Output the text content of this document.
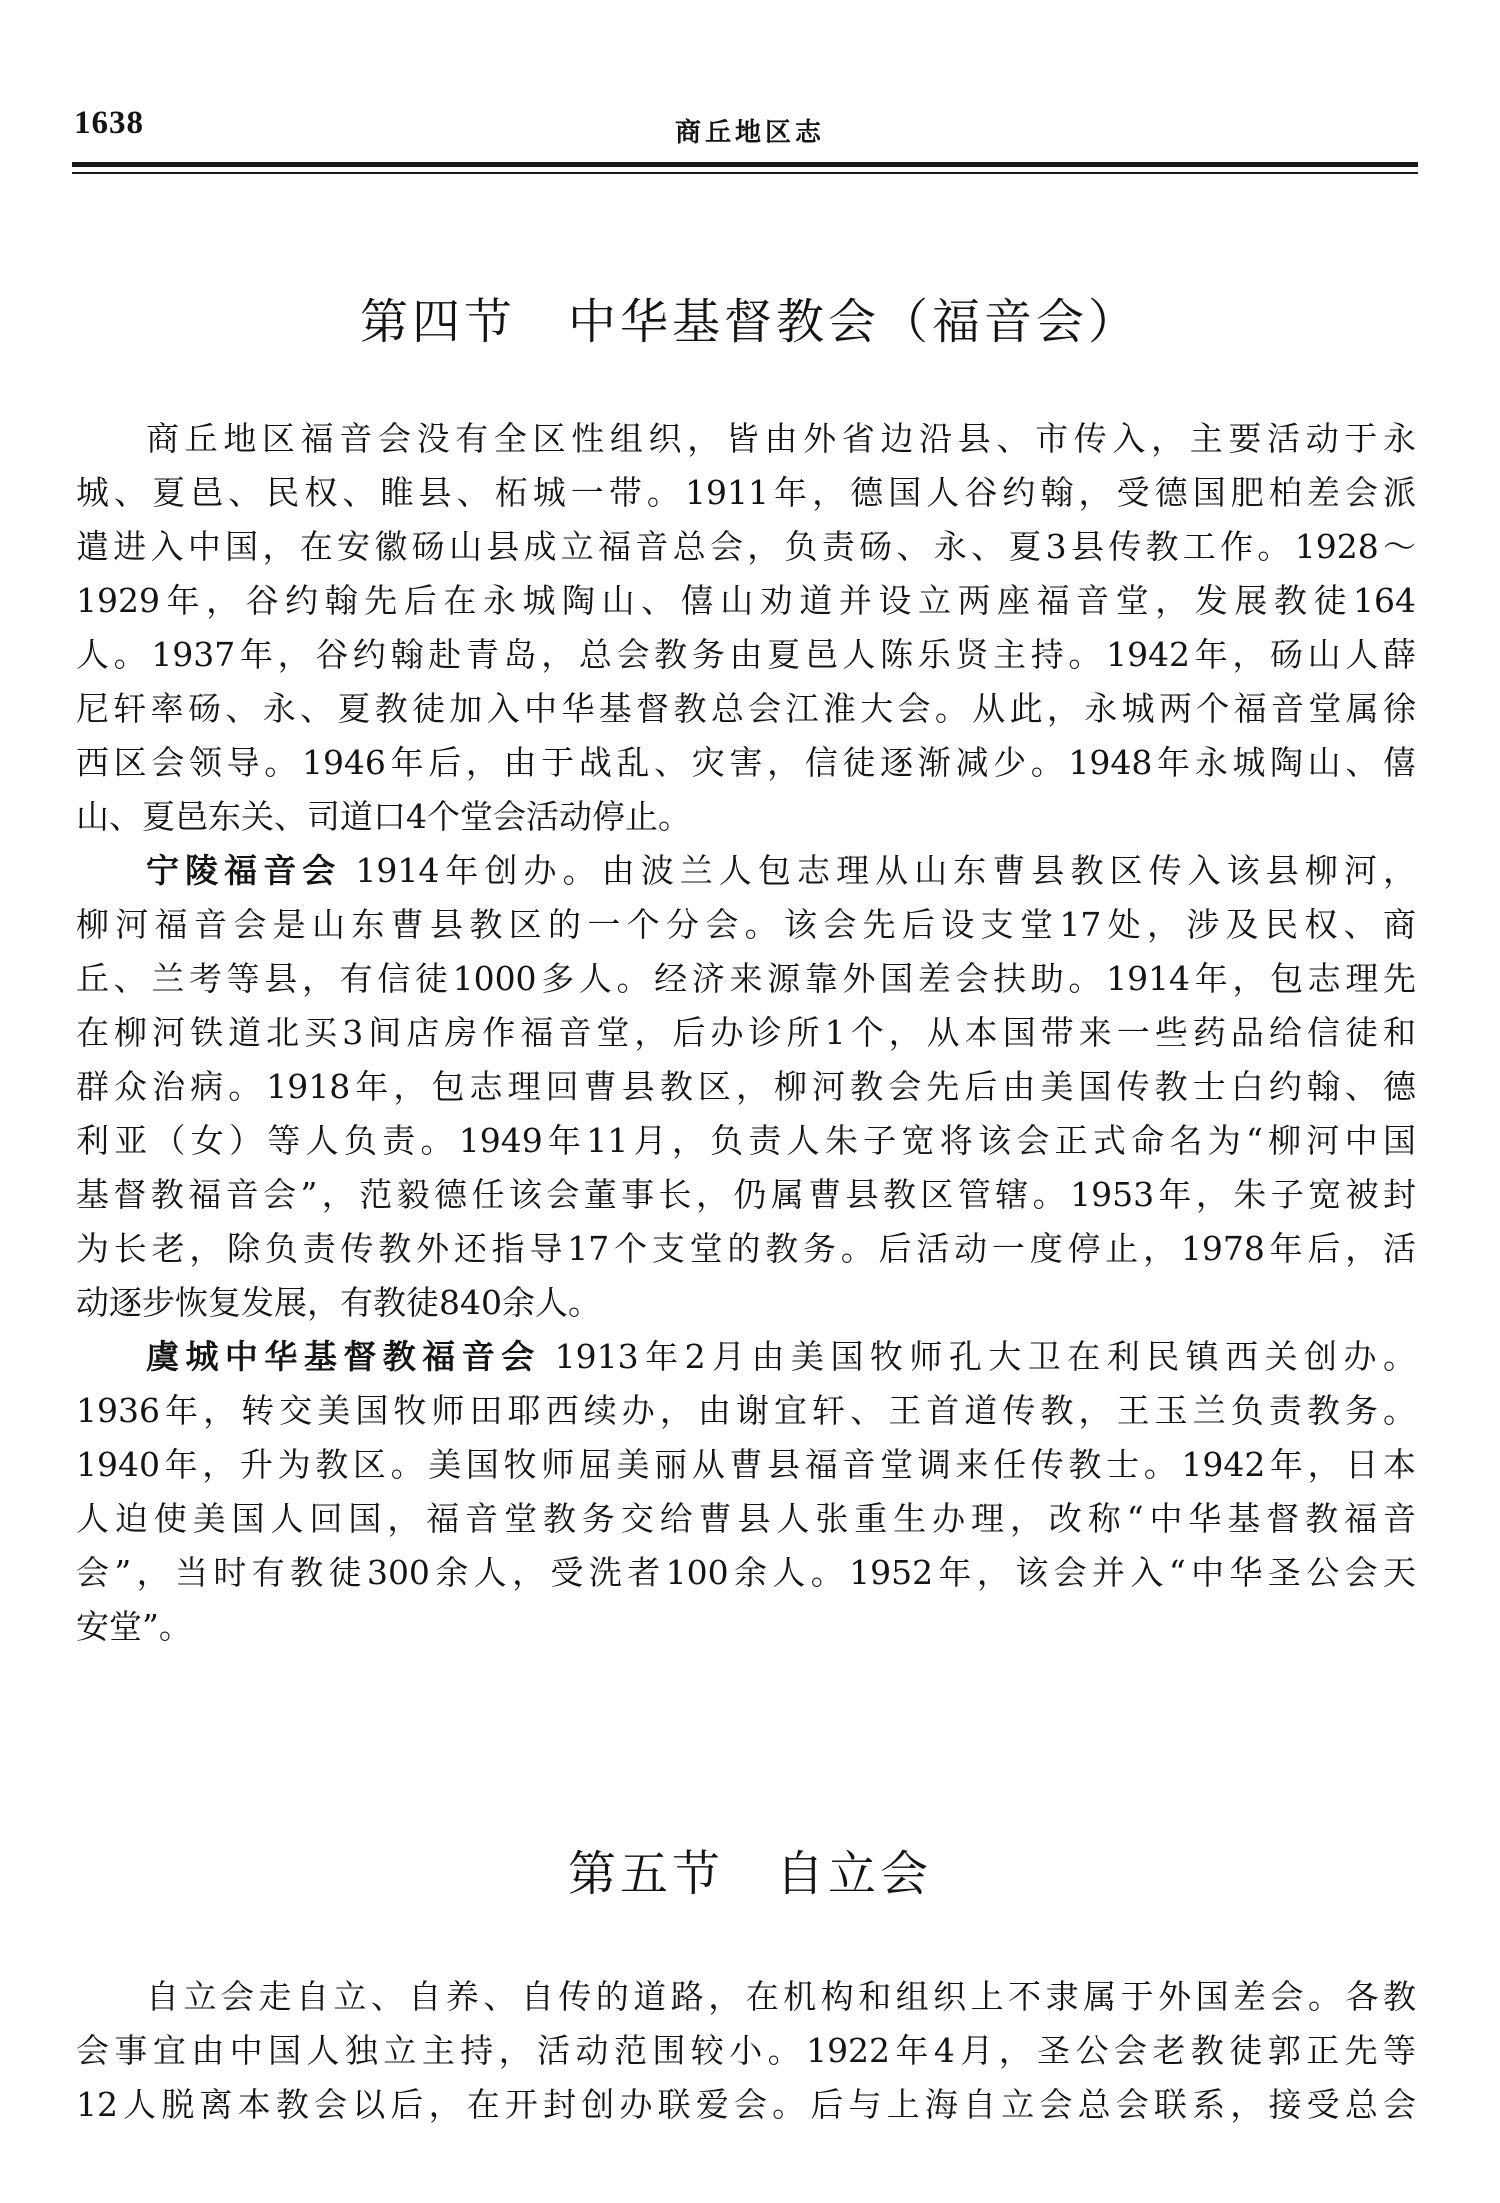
1638	商丘地区志
第四节　中华基督教会（福音会）
商丘地区福音会没有全区性组织，皆由外省边沿县、市传入，主要活动于永
城、夏邑、民权、睢县、柘城一带。1911年，德国人谷约翰，受德国肥柏差会派
遣进入中国，在安徽砀山县成立福音总会，负责砀、永、夏3县传教工作。1928～
1929年，谷约翰先后在永城陶山、僖山劝道并设立两座福音堂，发展教徒164
人。1937年，谷约翰赴青岛，总会教务由夏邑人陈乐贤主持。1942年，砀山人薛
尼轩率砀、永、夏教徒加入中华基督教总会江淮大会。从此，永城两个福音堂属徐
西区会领导。1946年后，由于战乱、灾害，信徒逐渐减少。1948年永城陶山、僖
山、夏邑东关、司道口4个堂会活动停止。
宁陵福音会 1914年创办。由波兰人包志理从山东曹县教区传入该县柳河，
柳河福音会是山东曹县教区的一个分会。该会先后设支堂17处，涉及民权、商
丘、兰考等县，有信徒1000多人。经济来源靠外国差会扶助。1914年，包志理先
在柳河铁道北买3间店房作福音堂，后办诊所1个，从本国带来一些药品给信徒和
群众治病。1918年，包志理回曹县教区，柳河教会先后由美国传教士白约翰、德
利亚（女）等人负责。1949年11月，负责人朱子宽将该会正式命名为“柳河中国
基督教福音会”，范毅德任该会董事长，仍属曹县教区管辖。1953年，朱子宽被封
为长老，除负责传教外还指导17个支堂的教务。后活动一度停止，1978年后，活
动逐步恢复发展，有教徒840余人。
虞城中华基督教福音会 1913年2月由美国牧师孔大卫在利民镇西关创办。
1936年，转交美国牧师田耶西续办，由谢宜轩、王首道传教，王玉兰负责教务。
1940年，升为教区。美国牧师屈美丽从曹县福音堂调来任传教士。1942年，日本
人迫使美国人回国，福音堂教务交给曹县人张重生办理，改称“中华基督教福音
会”，当时有教徒300余人，受洗者100余人。1952年，该会并入“中华圣公会天
安堂”。
第五节　自立会
自立会走自立、自养、自传的道路，在机构和组织上不隶属于外国差会。各教
会事宜由中国人独立主持，活动范围较小。1922年4月，圣公会老教徒郭正先等
12人脱离本教会以后，在开封创办联爱会。后与上海自立会总会联系，接受总会
